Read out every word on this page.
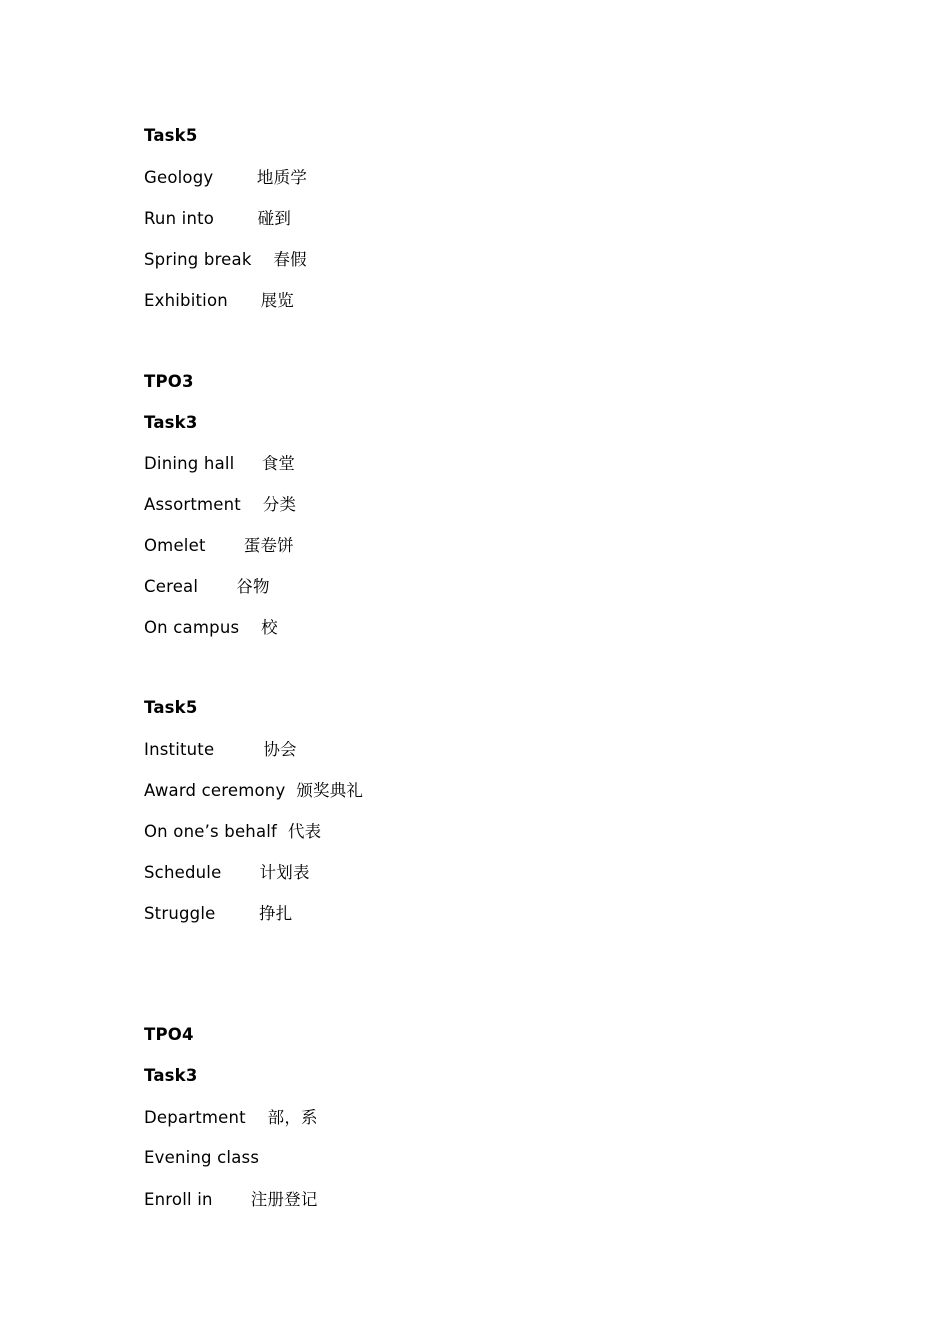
Task5
Geology	地质学
Run into	碰到
Spring break 春假
Exhibition 展览
TPO3
Task3
Dining hall 食堂
Assortment 分类
Omelet 蛋卷饼
Cereal 谷物
On campus 校
Task5
Institute	协会
Award ceremony 颁奖典礼
On one’s behalf 代表
Schedule 计划表
Struggle	挣扎
TPO4
Task3
Department 部，系
Evening class
Enroll in 注册登记
